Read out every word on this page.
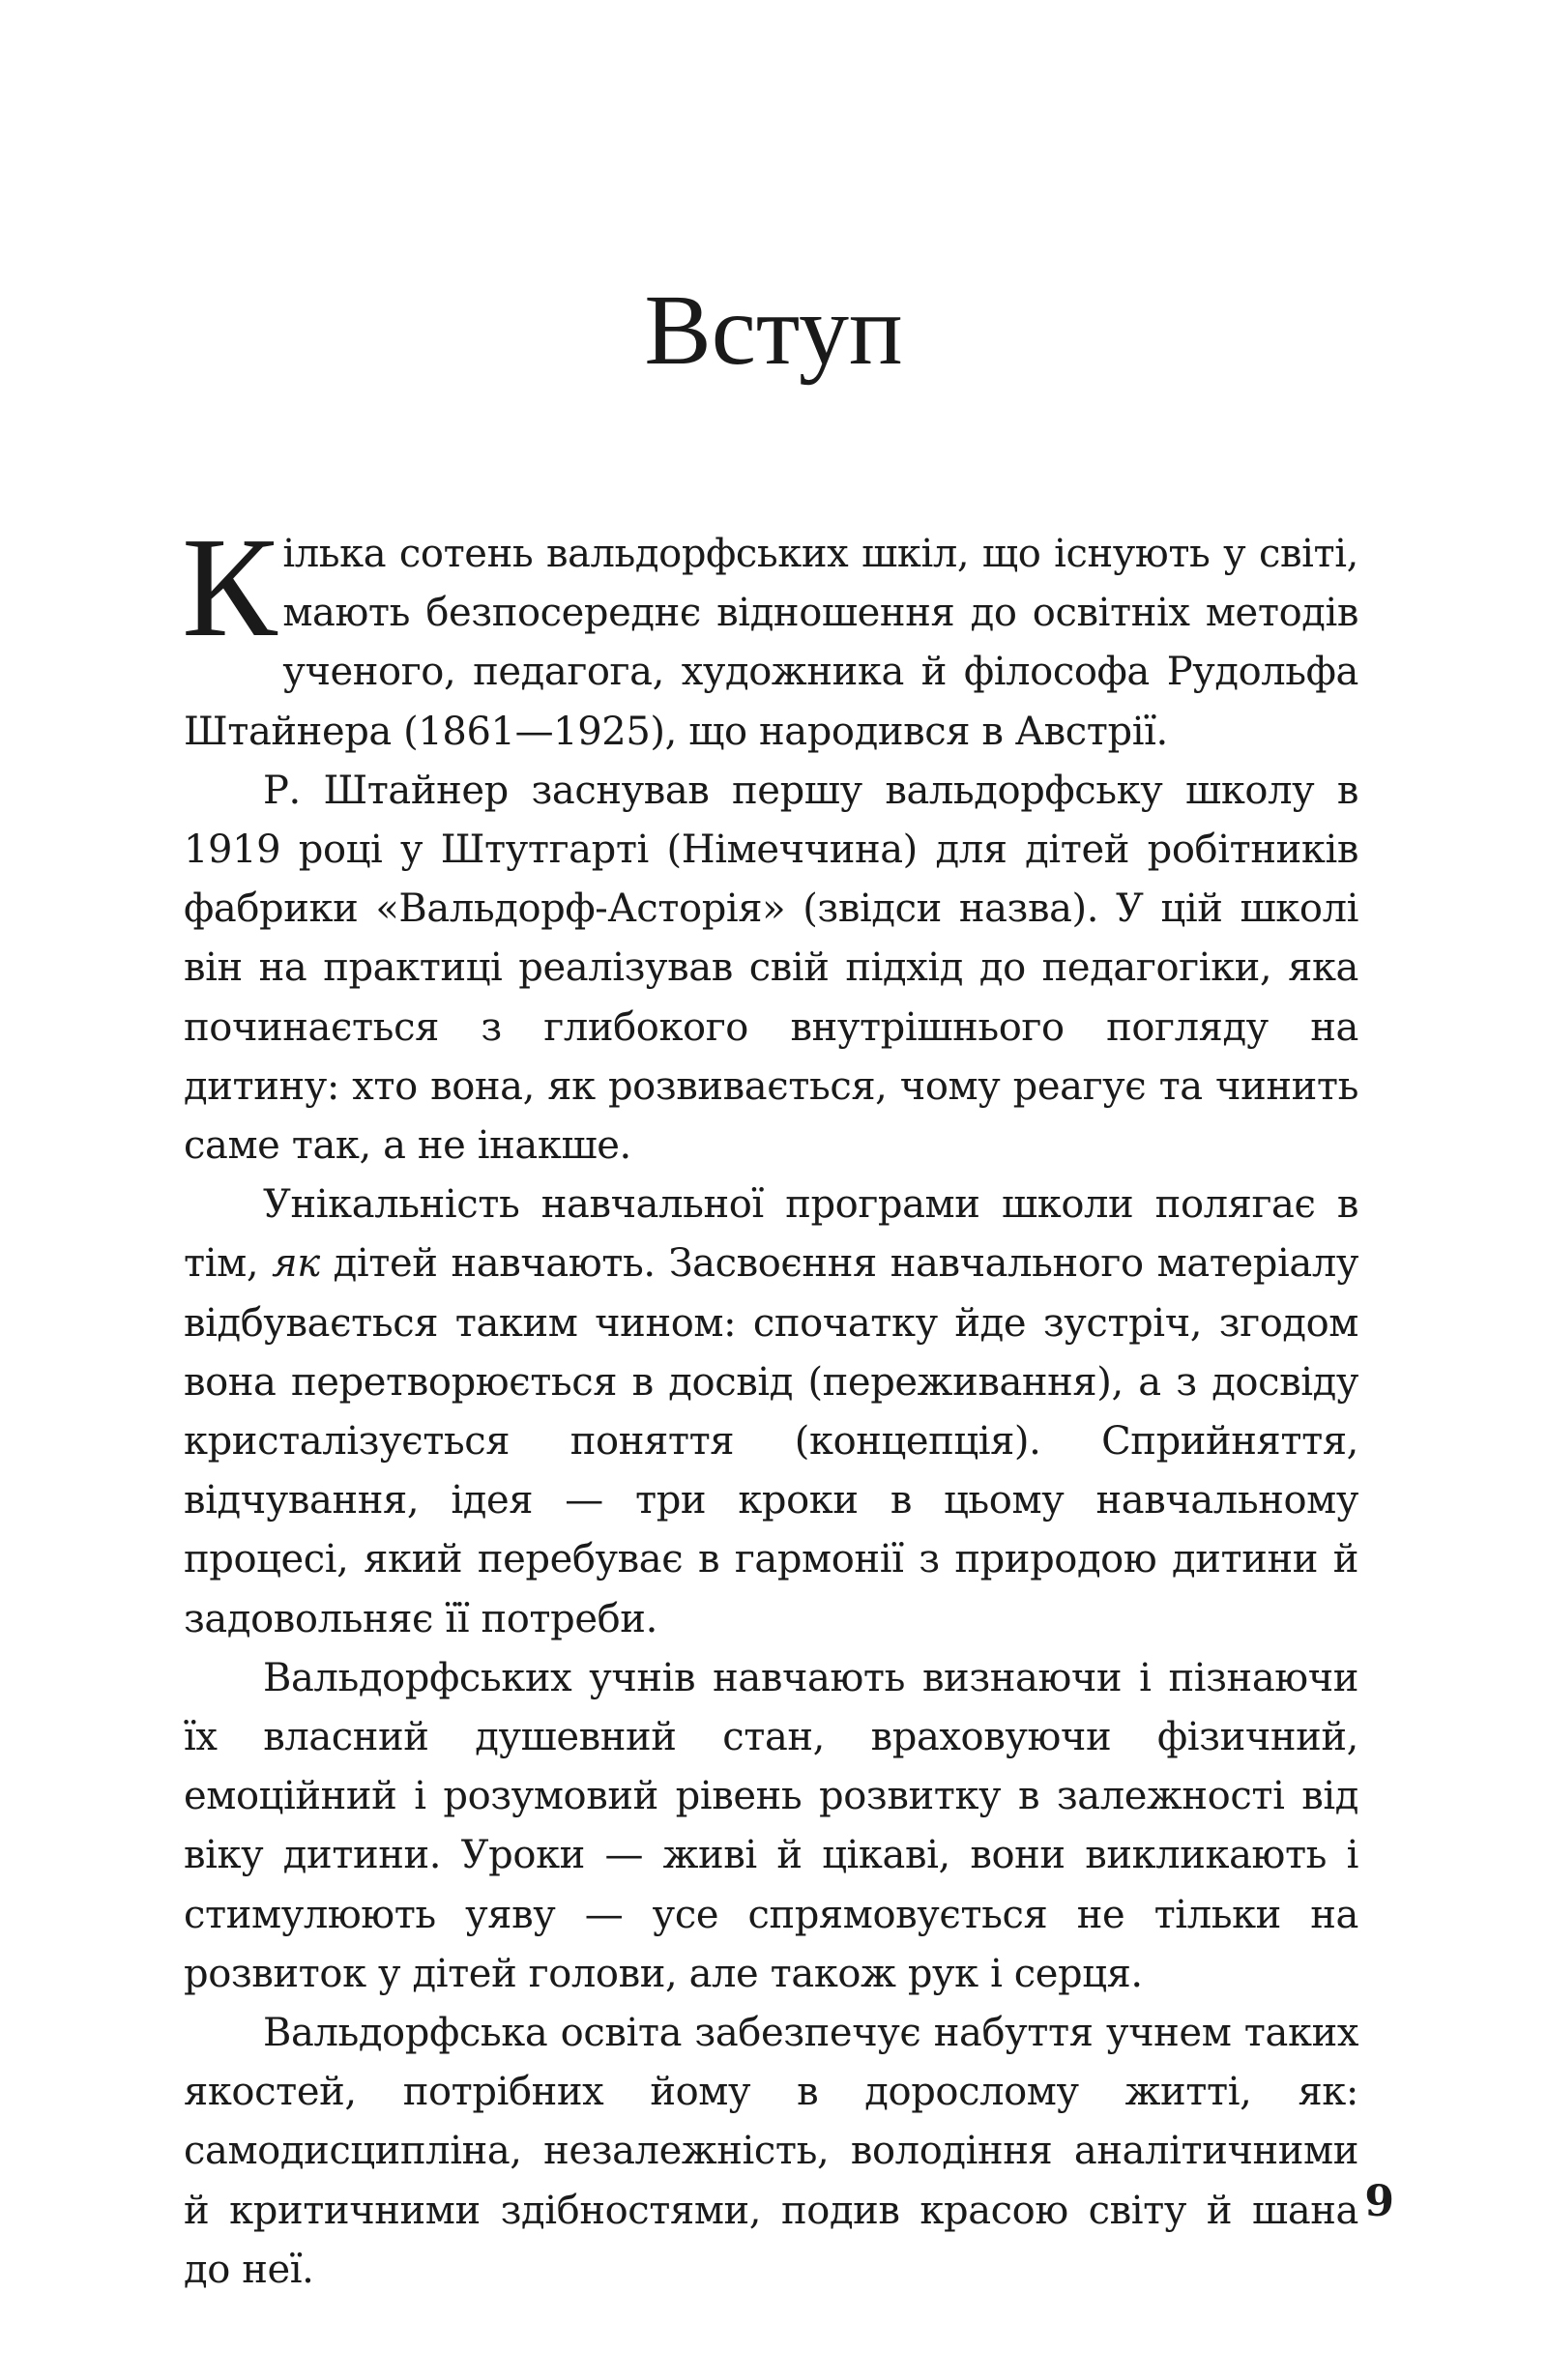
Вступ

Кілька сотень вальдорфських шкіл, що існують у світі, мають безпосереднє відношення до освітніх методів ученого, педагога, художника й філософа Рудольфа Штайнера (1861—1925), що народився в Австрії.

Р. Штайнер заснував першу вальдорфську школу в 1919 році у Штутгарті (Німеччина) для дітей робітників фабрики «Вальдорф-Асторія» (звідси назва). У цій школі він на практиці реалізував свій підхід до педагогіки, яка починається з глибокого внутрішнього погляду на дитину: хто вона, як розвивається, чому реагує та чинить саме так, а не інакше.

Унікальність навчальної програми школи полягає в тім, як дітей навчають. Засвоєння навчального матеріалу відбувається таким чином: спочатку йде зустріч, згодом вона перетворюється в досвід (переживання), а з досвіду кристалізується поняття (концепція). Сприйняття, відчування, ідея — три кроки в цьому навчальному процесі, який перебуває в гармонії з природою дитини й задовольняє її потреби.

Вальдорфських учнів навчають визнаючи і пізнаючи їх власний душевний стан, враховуючи фізичний, емоційний і розумовий рівень розвитку в залежності від віку дитини. Уроки — живі й цікаві, вони викликають і стимулюють уяву — усе спрямовується не тільки на розвиток у дітей голови, але також рук і серця.

Вальдорфська освіта забезпечує набуття учнем таких якостей, потрібних йому в дорослому житті, як: самодисципліна, незалежність, володіння аналітичними й критичними здібностями, подив красою світу й шана до неї.

9
